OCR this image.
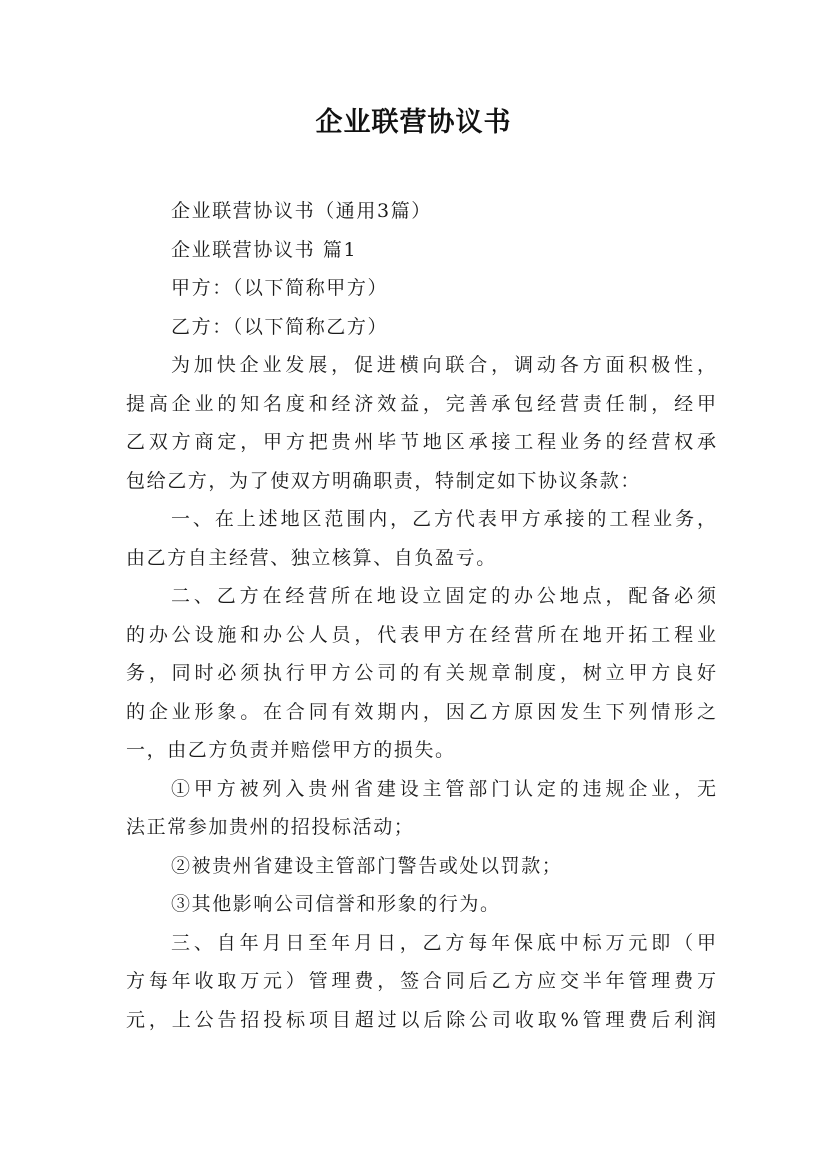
企业联营协议书

企业联营协议书（通用3篇）

企业联营协议书 篇1

甲方：（以下简称甲方）

乙方：（以下简称乙方）

为加快企业发展，促进横向联合，调动各方面积极性，

提高企业的知名度和经济效益，完善承包经营责任制，经甲

乙双方商定，甲方把贵州毕节地区承接工程业务的经营权承

包给乙方，为了使双方明确职责，特制定如下协议条款：

一、在上述地区范围内，乙方代表甲方承接的工程业务，

由乙方自主经营、独立核算、自负盈亏。

二、乙方在经营所在地设立固定的办公地点，配备必须

的办公设施和办公人员，代表甲方在经营所在地开拓工程业

务，同时必须执行甲方公司的有关规章制度，树立甲方良好

的企业形象。在合同有效期内，因乙方原因发生下列情形之

一，由乙方负责并赔偿甲方的损失。

①甲方被列入贵州省建设主管部门认定的违规企业，无

法正常参加贵州的招投标活动；

②被贵州省建设主管部门警告或处以罚款；

③其他影响公司信誉和形象的行为。

三、自年月日至年月日，乙方每年保底中标万元即（甲

方每年收取万元）管理费，签合同后乙方应交半年管理费万

元，上公告招投标项目超过以后除公司收取%管理费后利润
